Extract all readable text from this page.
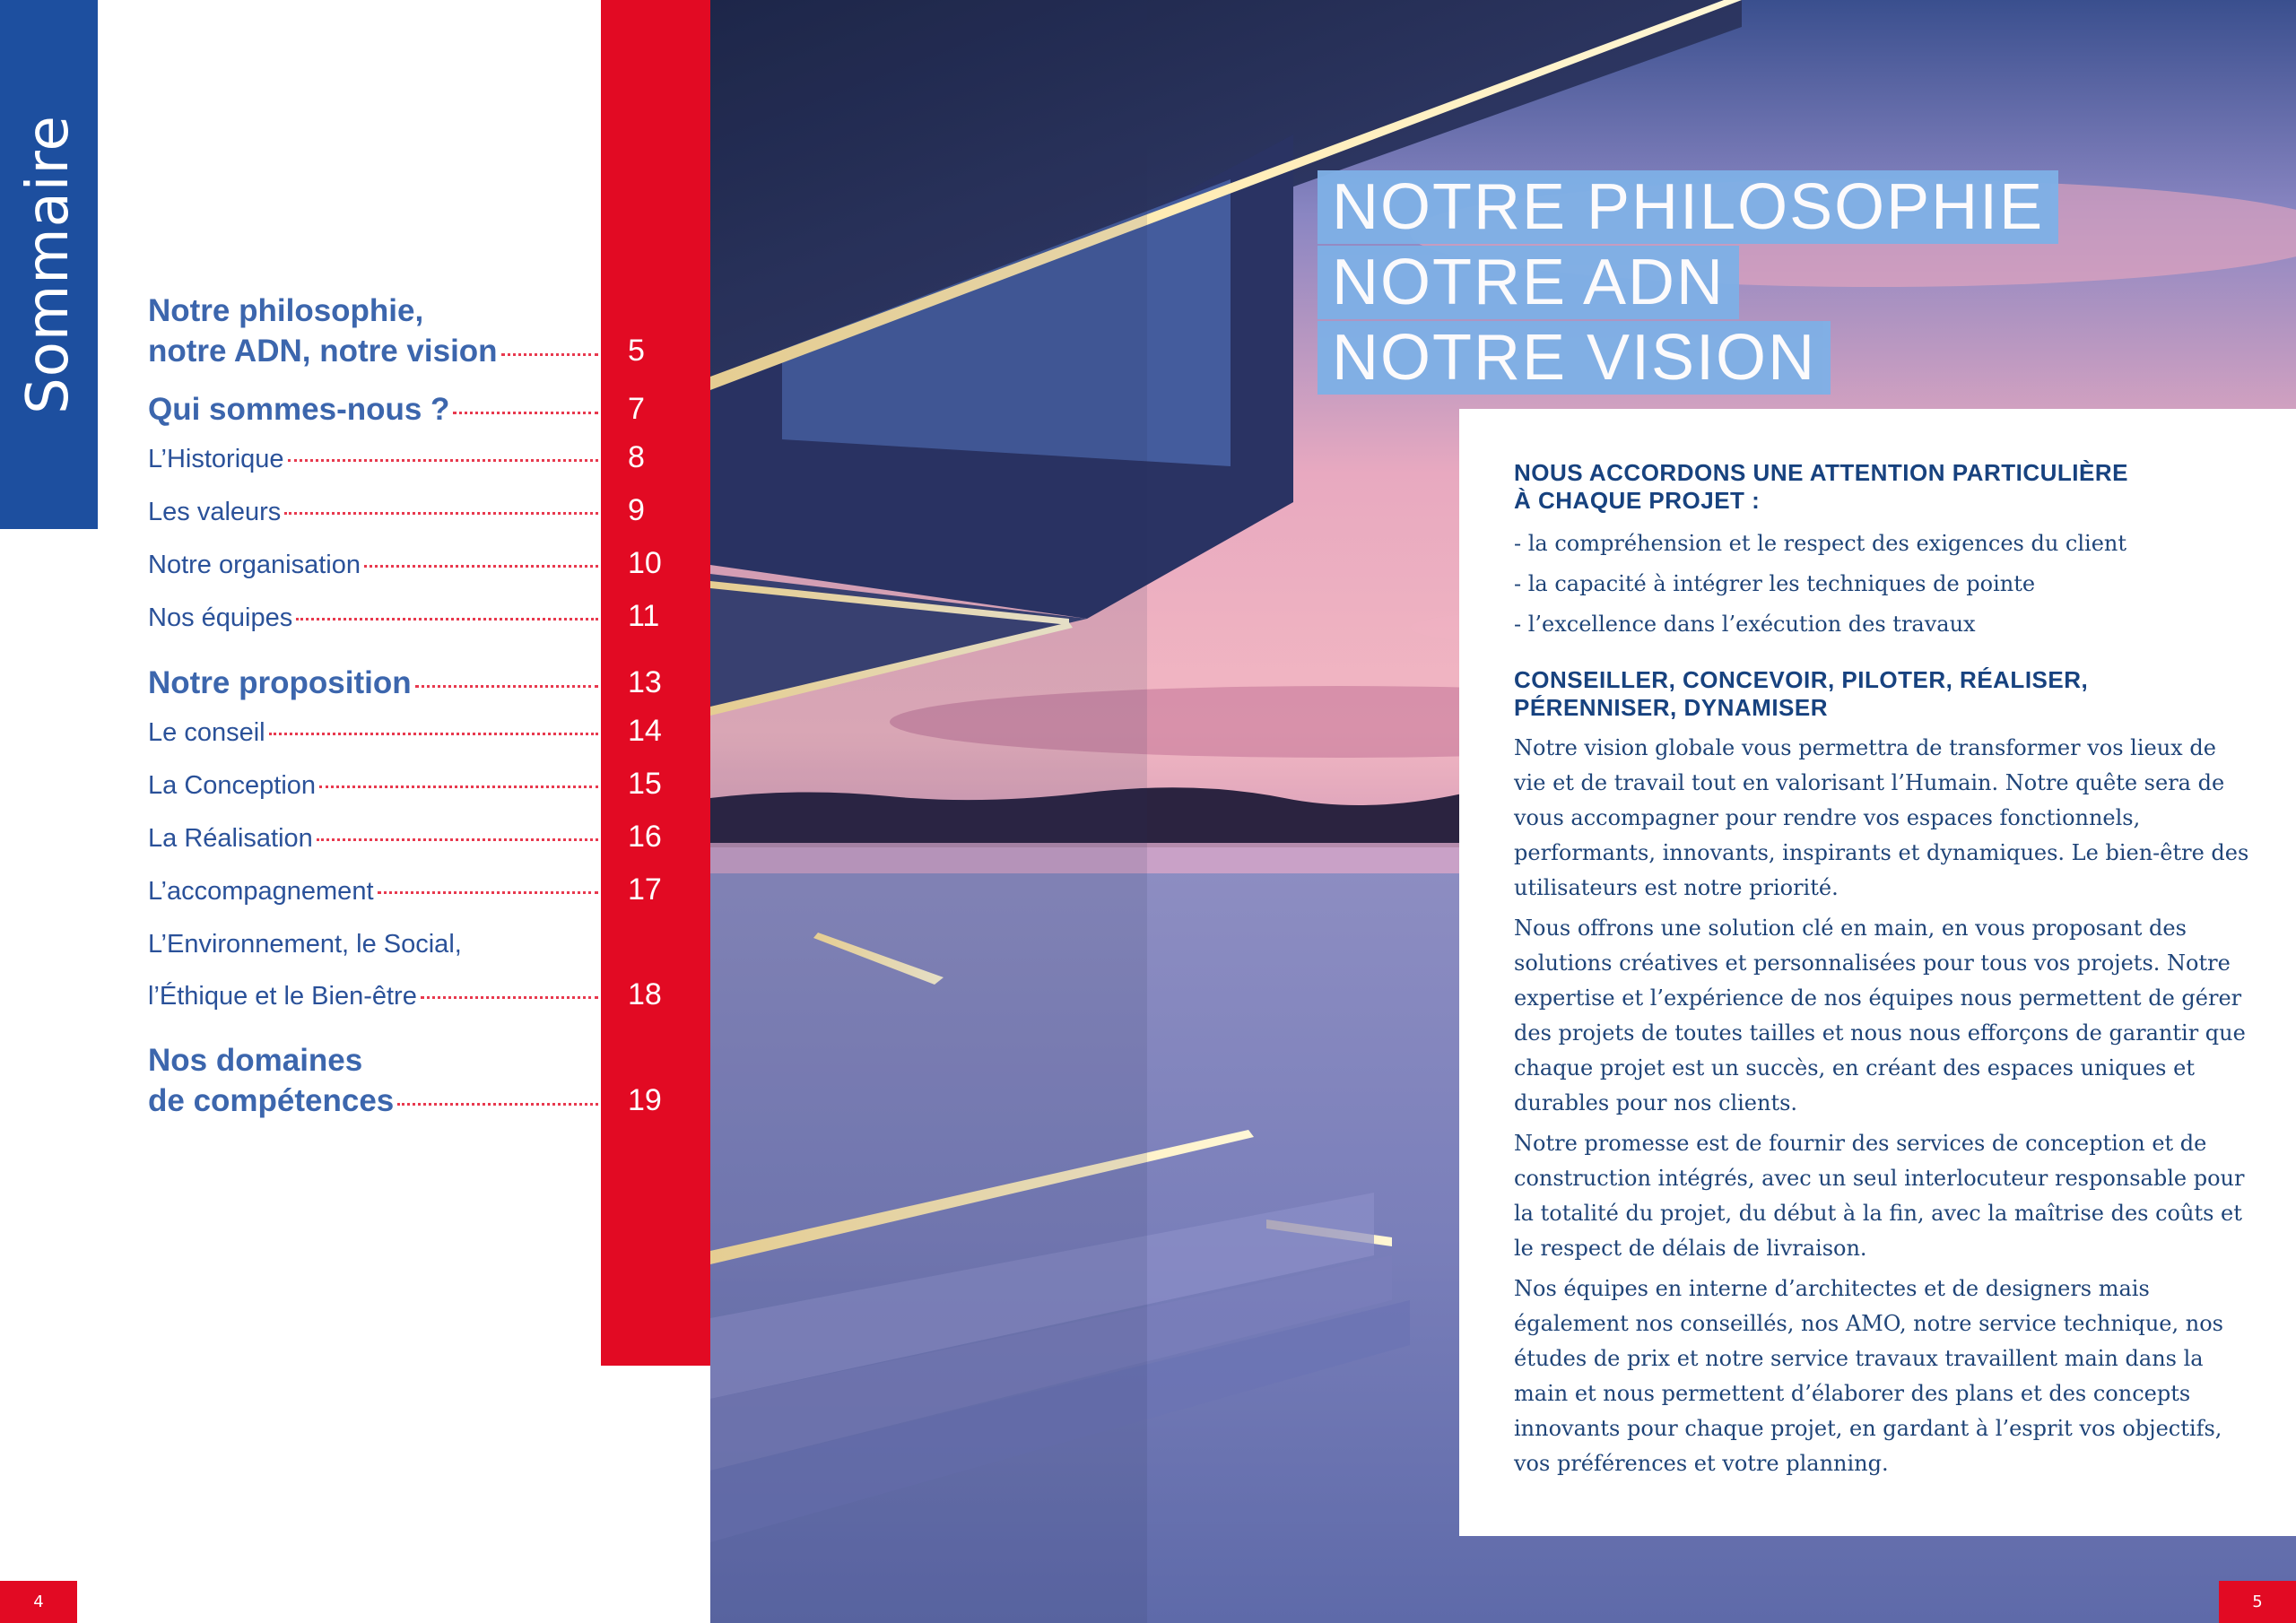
Sommaire Notre philosophie,
notre ADN, notre vision	5
Qui sommes-nous ?	7
L’Historique	8
Les valeurs	9
Notre organisation	10
Nos équipes	11
Notre proposition	13
Le conseil	14
La Conception	15
La Réalisation	16
L’accompagnement	17
L’Environnement, le Social,
l’Éthique et le Bien-être	18
Nos domaines
de compétences	19
4
NOTRE PHILOSOPHIE
NOTRE ADN
NOTRE VISION
NOUS ACCORDONS UNE ATTENTION PARTICULIÈRE
À CHAQUE PROJET :
- la compréhension et le respect des exigences du client
- la capacité à intégrer les techniques de pointe
- l’excellence dans l’exécution des travaux
CONSEILLER, CONCEVOIR, PILOTER, RÉALISER,
PÉRENNISER, DYNAMISER
Notre vision globale vous permettra de transformer vos lieux de vie et de travail tout en valorisant l’Humain. Notre quête sera de vous accompagner pour rendre vos espaces fonctionnels, performants, innovants, inspirants et dynamiques. Le bien-être des utilisateurs est notre priorité.
Nous offrons une solution clé en main, en vous proposant des solutions créatives et personnalisées pour tous vos projets. Notre expertise et l’expérience de nos équipes nous permettent de gérer des projets de toutes tailles et nous nous efforçons de garantir que chaque projet est un succès, en créant des espaces uniques et durables pour nos clients.
Notre promesse est de fournir des services de conception et de construction intégrés, avec un seul interlocuteur responsable pour la totalité du projet, du début à la fin, avec la maîtrise des coûts et le respect de délais de livraison.
Nos équipes en interne d’architectes et de designers mais également nos conseillés, nos AMO, notre service technique, nos études de prix et notre service travaux travaillent main dans la main et nous permettent d’élaborer des plans et des concepts innovants pour chaque projet, en gardant à l’esprit vos objectifs, vos préférences et votre planning.
5
